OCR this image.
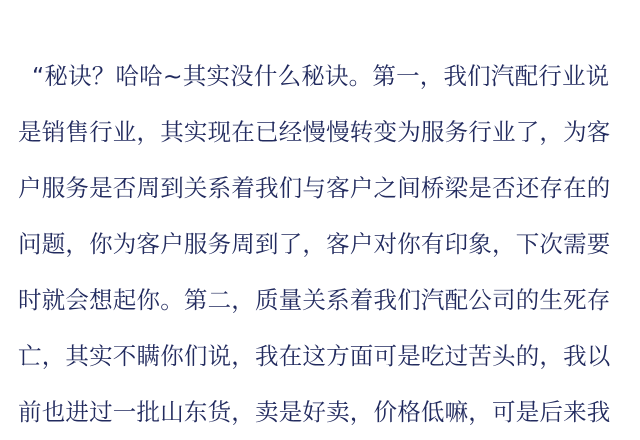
“秘诀？哈哈~其实没什么秘诀。第一，我们汽配行业说是销售行业，其实现在已经慢慢转变为服务行业了，为客户服务是否周到关系着我们与客户之间桥梁是否还存在的问题，你为客户服务周到了，客户对你有印象，下次需要时就会想起你。第二，质量关系着我们汽配公司的生死存亡，其实不瞒你们说，我在这方面可是吃过苦头的，我以前也进过一批山东货，卖是好卖，价格低嘛，可是后来我
